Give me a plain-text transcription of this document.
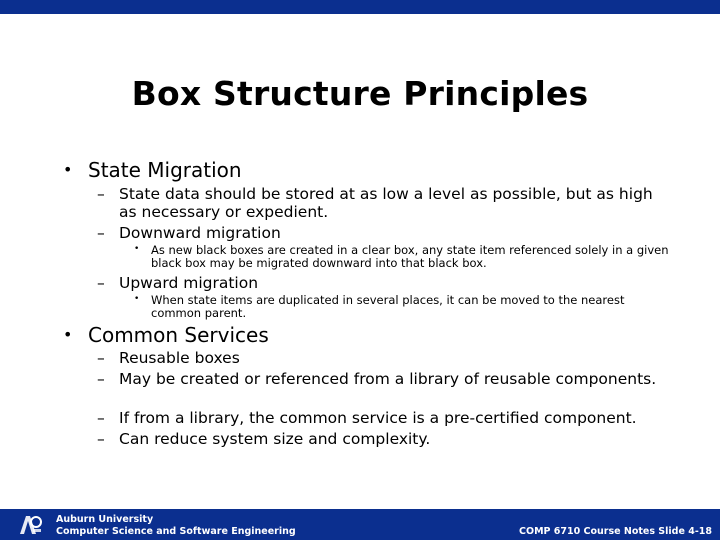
Box Structure Principles
• State Migration
– State data should be stored at as low a level as possible, but as high as necessary or expedient.
– Downward migration
• As new black boxes are created in a clear box, any state item referenced solely in a given black box may be migrated downward into that black box.
– Upward migration
• When state items are duplicated in several places, it can be moved to the nearest common parent.
• Common Services
– Reusable boxes
– May be created or referenced from a library of reusable components.
– If from a library, the common service is a pre-certified component.
– Can reduce system size and complexity.
Auburn University
Computer Science and Software Engineering	COMP 6710 Course Notes Slide 4-18
